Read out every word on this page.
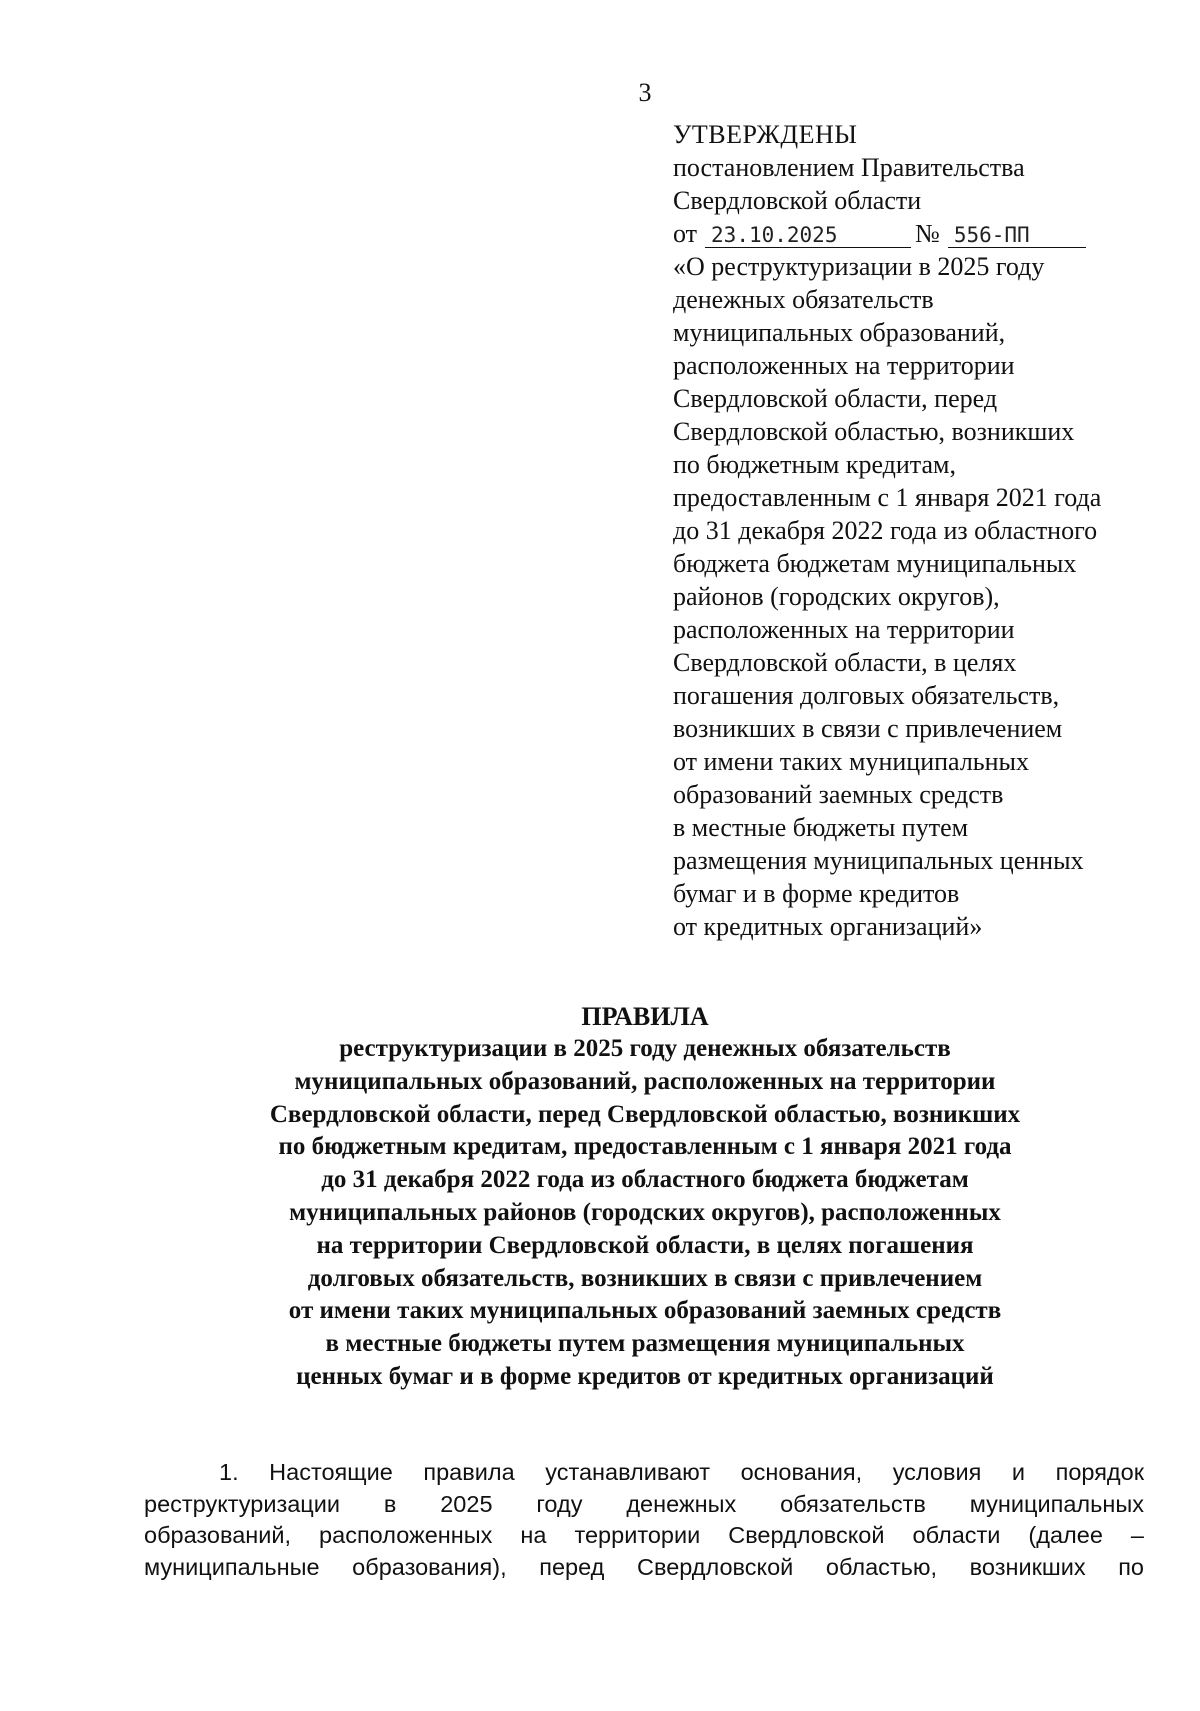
3
УТВЕРЖДЕНЫ
постановлением Правительства
Свердловской области
от 23.10.2025	№ 556-ПП
«О реструктуризации в 2025 году
денежных обязательств
муниципальных образований,
расположенных на территории
Свердловской области, перед
Свердловской областью, возникших
по бюджетным кредитам,
предоставленным с 1 января 2021 года
до 31 декабря 2022 года из областного
бюджета бюджетам муниципальных
районов (городских округов),
расположенных на территории
Свердловской области, в целях
погашения долговых обязательств,
возникших в связи с привлечением
от имени таких муниципальных
образований заемных средств
в местные бюджеты путем
размещения муниципальных ценных
бумаг и в форме кредитов
от кредитных организаций»
ПРАВИЛА
реструктуризации в 2025 году денежных обязательств
муниципальных образований, расположенных на территории
Свердловской области, перед Свердловской областью, возникших
по бюджетным кредитам, предоставленным с 1 января 2021 года
до 31 декабря 2022 года из областного бюджета бюджетам
муниципальных районов (городских округов), расположенных
на территории Свердловской области, в целях погашения
долговых обязательств, возникших в связи с привлечением
от имени таких муниципальных образований заемных средств
в местные бюджеты путем размещения муниципальных
ценных бумаг и в форме кредитов от кредитных организаций
1. Настоящие правила устанавливают основания, условия и порядок
реструктуризации в 2025 году денежных обязательств муниципальных
образований, расположенных на территории Свердловской области (далее –
муниципальные образования), перед Свердловской областью, возникших по
